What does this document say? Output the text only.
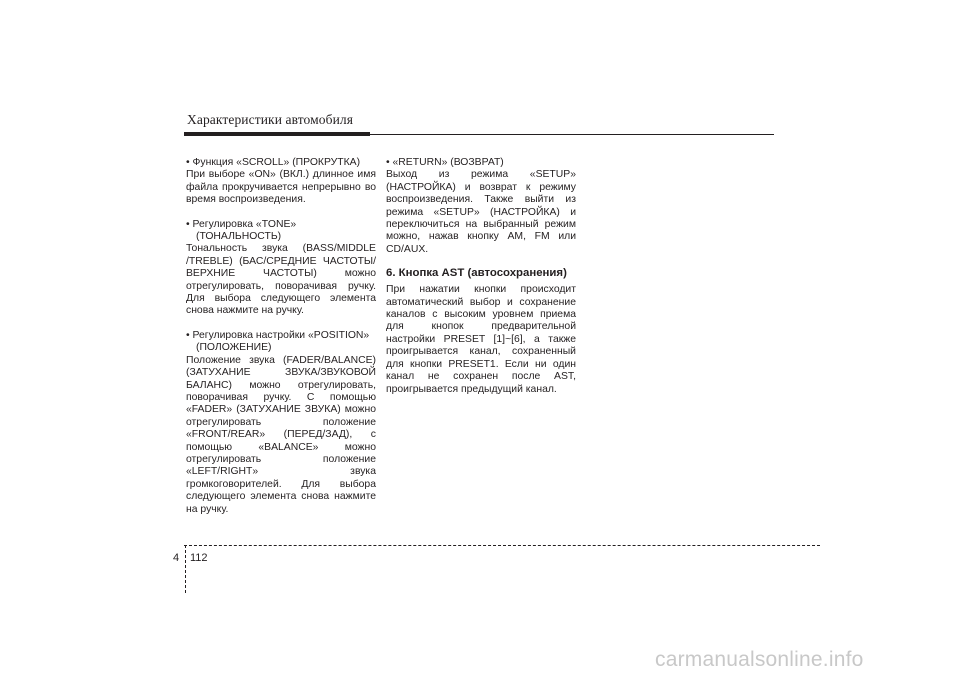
Характеристики автомобиля
• Функция «SCROLL» (ПРОКРУТКА)

При выборе «ON» (ВКЛ.) длинное имя файла прокручивается непрерывно во время воспроизведения.

• Регулировка «TONE»
(ТОНАЛЬНОСТЬ)

Тональность звука (BASS/MIDDLE /TREBLE) (БАС/СРЕДНИЕ ЧАСТОТЫ/ ВЕРХНИЕ ЧАСТОТЫ) можно отрегулировать, поворачивая ручку. Для выбора следующего элемента снова нажмите на ручку.

• Регулировка настройки «POSITION»
(ПОЛОЖЕНИЕ)

Положение звука (FADER/BALANCE) (ЗАТУХАНИЕ ЗВУКА/ЗВУКОВОЙ БАЛАНС) можно отрегулировать, поворачивая ручку. С помощью «FADER» (ЗАТУХАНИЕ ЗВУКА) можно отрегулировать положение «FRONT/REAR» (ПЕРЕД/ЗАД), с помощью «BALANCE» можно отрегулировать положение «LEFT/RIGHT» звука громкоговорителей. Для выбора следующего элемента снова нажмите на ручку.

• «RETURN» (ВОЗВРАТ)

Выход из режима «SETUP» (НАСТРОЙКА) и возврат к режиму воспроизведения. Также выйти из режима «SETUP» (НАСТРОЙКА) и переключиться на выбранный режим можно, нажав кнопку AM, FM или CD/AUX.

6. Кнопка AST (автосохранения)

При нажатии кнопки происходит автоматический выбор и сохранение каналов с высоким уровнем приема для кнопок предварительной настройки PRESET [1]~[6], а также проигрывается канал, сохраненный для кнопки PRESET1. Если ни один канал не сохранен после AST, проигрывается предыдущий канал.

4 112
carmanualsonline.info
